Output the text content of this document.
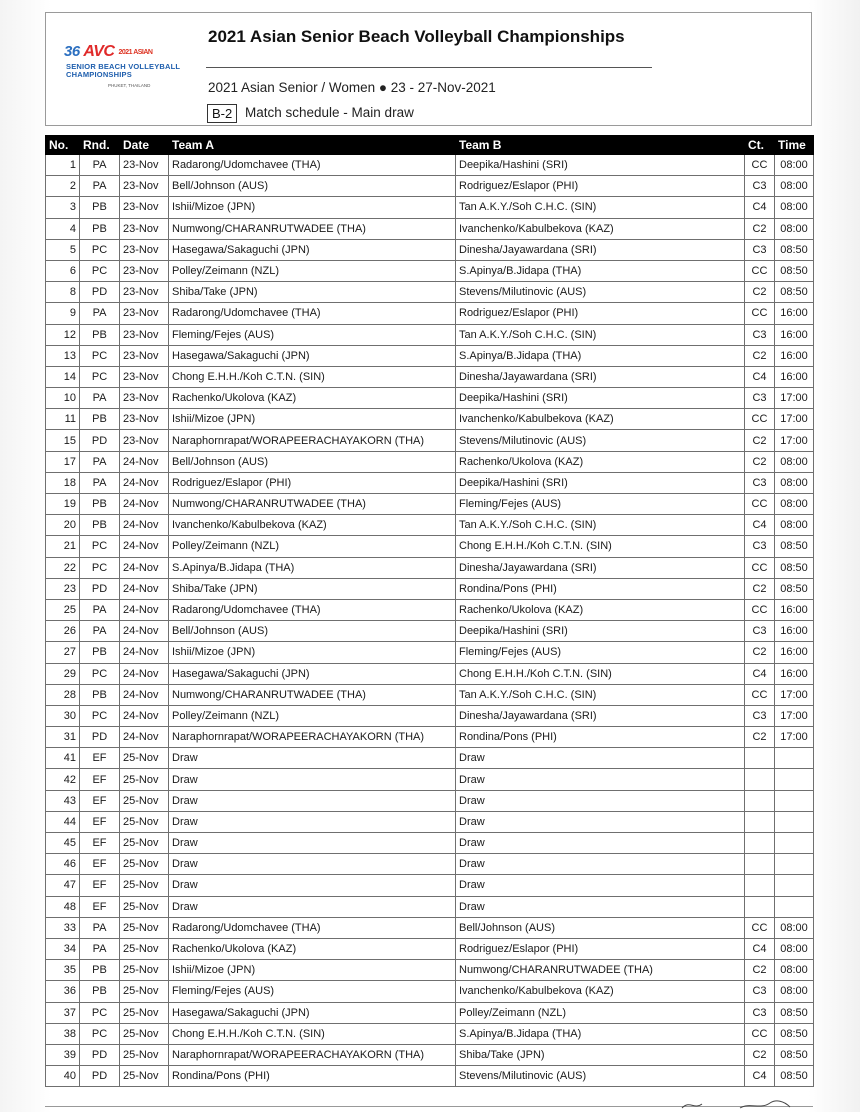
36 AVC 2021 ASIAN
SENIOR BEACH VOLLEYBALL
CHAMPIONSHIPS
PHUKET, THAILAND
2021 Asian Senior Beach Volleyball Championships
2021 Asian Senior / Women ● 23 - 27-Nov-2021
B-2 Match schedule - Main draw
No.	Rnd.	Date	Team A	Team B	Ct.	Time
1	PA	23-Nov	Radarong/Udomchavee (THA)	Deepika/Hashini (SRI)	CC	08:00
2	PA	23-Nov	Bell/Johnson (AUS)	Rodriguez/Eslapor (PHI)	C3	08:00
3	PB	23-Nov	Ishii/Mizoe (JPN)	Tan A.K.Y./Soh C.H.C. (SIN)	C4	08:00
4	PB	23-Nov	Numwong/CHARANRUTWADEE (THA)	Ivanchenko/Kabulbekova (KAZ)	C2	08:00
5	PC	23-Nov	Hasegawa/Sakaguchi (JPN)	Dinesha/Jayawardana (SRI)	C3	08:50
6	PC	23-Nov	Polley/Zeimann (NZL)	S.Apinya/B.Jidapa (THA)	CC	08:50
8	PD	23-Nov	Shiba/Take (JPN)	Stevens/Milutinovic (AUS)	C2	08:50
9	PA	23-Nov	Radarong/Udomchavee (THA)	Rodriguez/Eslapor (PHI)	CC	16:00
12	PB	23-Nov	Fleming/Fejes (AUS)	Tan A.K.Y./Soh C.H.C. (SIN)	C3	16:00
13	PC	23-Nov	Hasegawa/Sakaguchi (JPN)	S.Apinya/B.Jidapa (THA)	C2	16:00
14	PC	23-Nov	Chong E.H.H./Koh C.T.N. (SIN)	Dinesha/Jayawardana (SRI)	C4	16:00
10	PA	23-Nov	Rachenko/Ukolova (KAZ)	Deepika/Hashini (SRI)	C3	17:00
11	PB	23-Nov	Ishii/Mizoe (JPN)	Ivanchenko/Kabulbekova (KAZ)	CC	17:00
15	PD	23-Nov	Naraphornrapat/WORAPEERACHAYAKORN (THA)	Stevens/Milutinovic (AUS)	C2	17:00
17	PA	24-Nov	Bell/Johnson (AUS)	Rachenko/Ukolova (KAZ)	C2	08:00
18	PA	24-Nov	Rodriguez/Eslapor (PHI)	Deepika/Hashini (SRI)	C3	08:00
19	PB	24-Nov	Numwong/CHARANRUTWADEE (THA)	Fleming/Fejes (AUS)	CC	08:00
20	PB	24-Nov	Ivanchenko/Kabulbekova (KAZ)	Tan A.K.Y./Soh C.H.C. (SIN)	C4	08:00
21	PC	24-Nov	Polley/Zeimann (NZL)	Chong E.H.H./Koh C.T.N. (SIN)	C3	08:50
22	PC	24-Nov	S.Apinya/B.Jidapa (THA)	Dinesha/Jayawardana (SRI)	CC	08:50
23	PD	24-Nov	Shiba/Take (JPN)	Rondina/Pons (PHI)	C2	08:50
25	PA	24-Nov	Radarong/Udomchavee (THA)	Rachenko/Ukolova (KAZ)	CC	16:00
26	PA	24-Nov	Bell/Johnson (AUS)	Deepika/Hashini (SRI)	C3	16:00
27	PB	24-Nov	Ishii/Mizoe (JPN)	Fleming/Fejes (AUS)	C2	16:00
29	PC	24-Nov	Hasegawa/Sakaguchi (JPN)	Chong E.H.H./Koh C.T.N. (SIN)	C4	16:00
28	PB	24-Nov	Numwong/CHARANRUTWADEE (THA)	Tan A.K.Y./Soh C.H.C. (SIN)	CC	17:00
30	PC	24-Nov	Polley/Zeimann (NZL)	Dinesha/Jayawardana (SRI)	C3	17:00
31	PD	24-Nov	Naraphornrapat/WORAPEERACHAYAKORN (THA)	Rondina/Pons (PHI)	C2	17:00
41	EF	25-Nov	Draw	Draw		
42	EF	25-Nov	Draw	Draw		
43	EF	25-Nov	Draw	Draw		
44	EF	25-Nov	Draw	Draw		
45	EF	25-Nov	Draw	Draw		
46	EF	25-Nov	Draw	Draw		
47	EF	25-Nov	Draw	Draw		
48	EF	25-Nov	Draw	Draw		
33	PA	25-Nov	Radarong/Udomchavee (THA)	Bell/Johnson (AUS)	CC	08:00
34	PA	25-Nov	Rachenko/Ukolova (KAZ)	Rodriguez/Eslapor (PHI)	C4	08:00
35	PB	25-Nov	Ishii/Mizoe (JPN)	Numwong/CHARANRUTWADEE (THA)	C2	08:00
36	PB	25-Nov	Fleming/Fejes (AUS)	Ivanchenko/Kabulbekova (KAZ)	C3	08:00
37	PC	25-Nov	Hasegawa/Sakaguchi (JPN)	Polley/Zeimann (NZL)	C3	08:50
38	PC	25-Nov	Chong E.H.H./Koh C.T.N. (SIN)	S.Apinya/B.Jidapa (THA)	CC	08:50
39	PD	25-Nov	Naraphornrapat/WORAPEERACHAYAKORN (THA)	Shiba/Take (JPN)	C2	08:50
40	PD	25-Nov	Rondina/Pons (PHI)	Stevens/Milutinovic (AUS)	C4	08:50
